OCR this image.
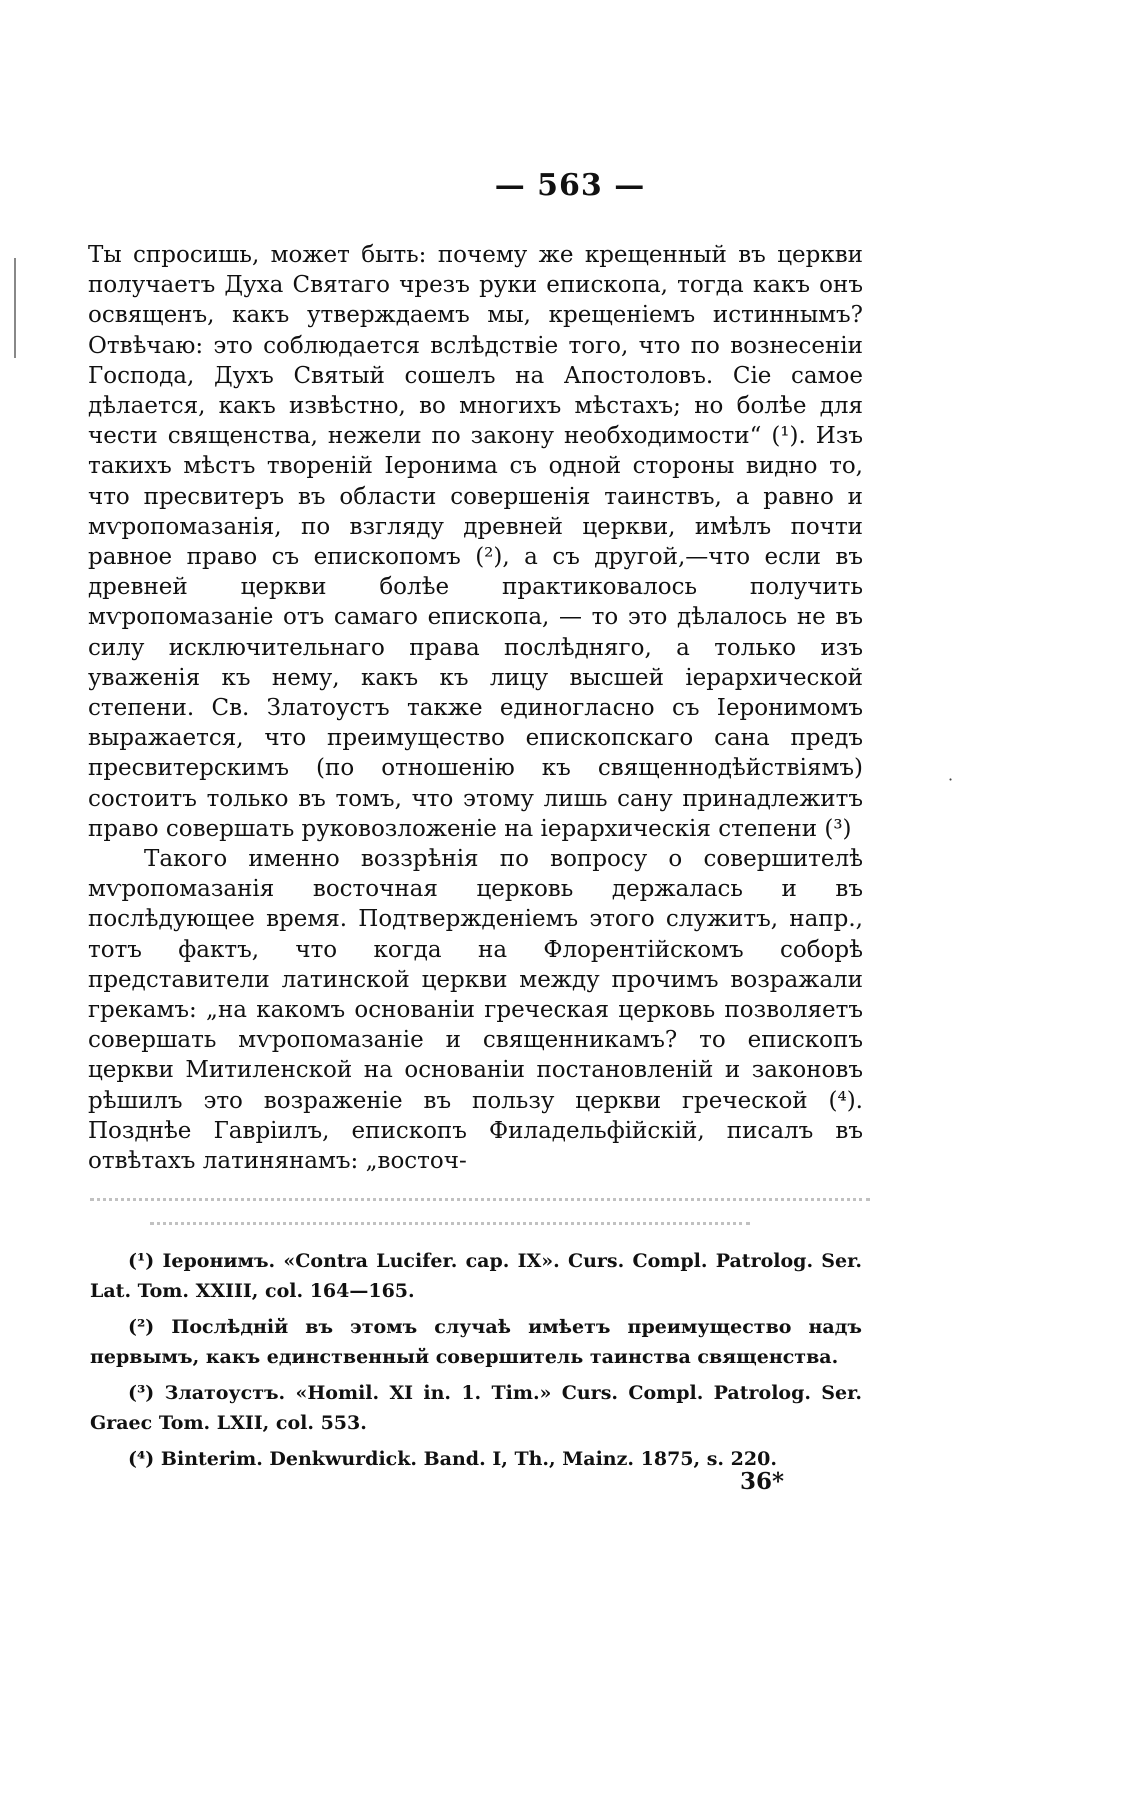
— 563 —

Ты спросишь, может быть: почему же крещенный въ церкви получаетъ Духа Святаго чрезъ руки епископа, тогда какъ онъ освященъ, какъ утверждаемъ мы, крещеніемъ истиннымъ? Отвѣчаю: это соблюдается вслѣдствіе того, что по вознесеніи Господа, Духъ Святый сошелъ на Апостоловъ. Сіе самое дѣлается, какъ извѣстно, во многихъ мѣстахъ; но болѣе для чести священства, нежели по закону необходимости“ (¹). Изъ такихъ мѣстъ твореній Іеронима съ одной стороны видно то, что пресвитеръ въ области совершенія таинствъ, а равно и мѵропомазанія, по взгляду древней церкви, имѣлъ почти равное право съ епископомъ (²), а съ другой,—что если въ древней церкви болѣе практиковалось получить мѵропомазаніе отъ самаго епископа, — то это дѣлалось не въ силу исключительнаго права послѣдняго, а только изъ уваженія къ нему, какъ къ лицу высшей іерархической степени. Св. Златоустъ также единогласно съ Іеронимомъ выражается, что преимущество епископскаго сана предъ пресвитерскимъ (по отношенію къ священнодѣйствіямъ) состоитъ только въ томъ, что этому лишь сану принадлежитъ право совершать руковозложеніе на іерархическія степени (³)

Такого именно воззрѣнія по вопросу о совершителѣ мѵропомазанія восточная церковь держалась и въ послѣдующее время. Подтвержденіемъ этого служитъ, напр., тотъ фактъ, что когда на Флорентійскомъ соборѣ представители латинской церкви между прочимъ возражали грекамъ: „на какомъ основаніи греческая церковь позволяетъ совершать мѵропомазаніе и священникамъ? то епископъ церкви Митиленской на основаніи постановленій и законовъ рѣшилъ это возраженіе въ пользу церкви греческой (⁴). Позднѣе Гавріилъ, епископъ Филадельфійскій, писалъ въ отвѣтахъ латинянамъ: „восточ-

·

(¹) Іеронимъ. «Contra Lucifer. cap. IX». Curs. Compl. Patrolog. Ser. Lat. Tom. XXIII, col. 164—165.

(²) Послѣдній въ этомъ случаѣ имѣетъ преимущество надъ первымъ, какъ единственный совершитель таинства священства.

(³) Златоустъ. «Homil. XI in. 1. Tim.» Curs. Compl. Patrolog. Ser. Graec Tom. LXII, col. 553.

(⁴) Binterim. Denkwurdick. Band. I, Th., Mainz. 1875, s. 220.

36*
